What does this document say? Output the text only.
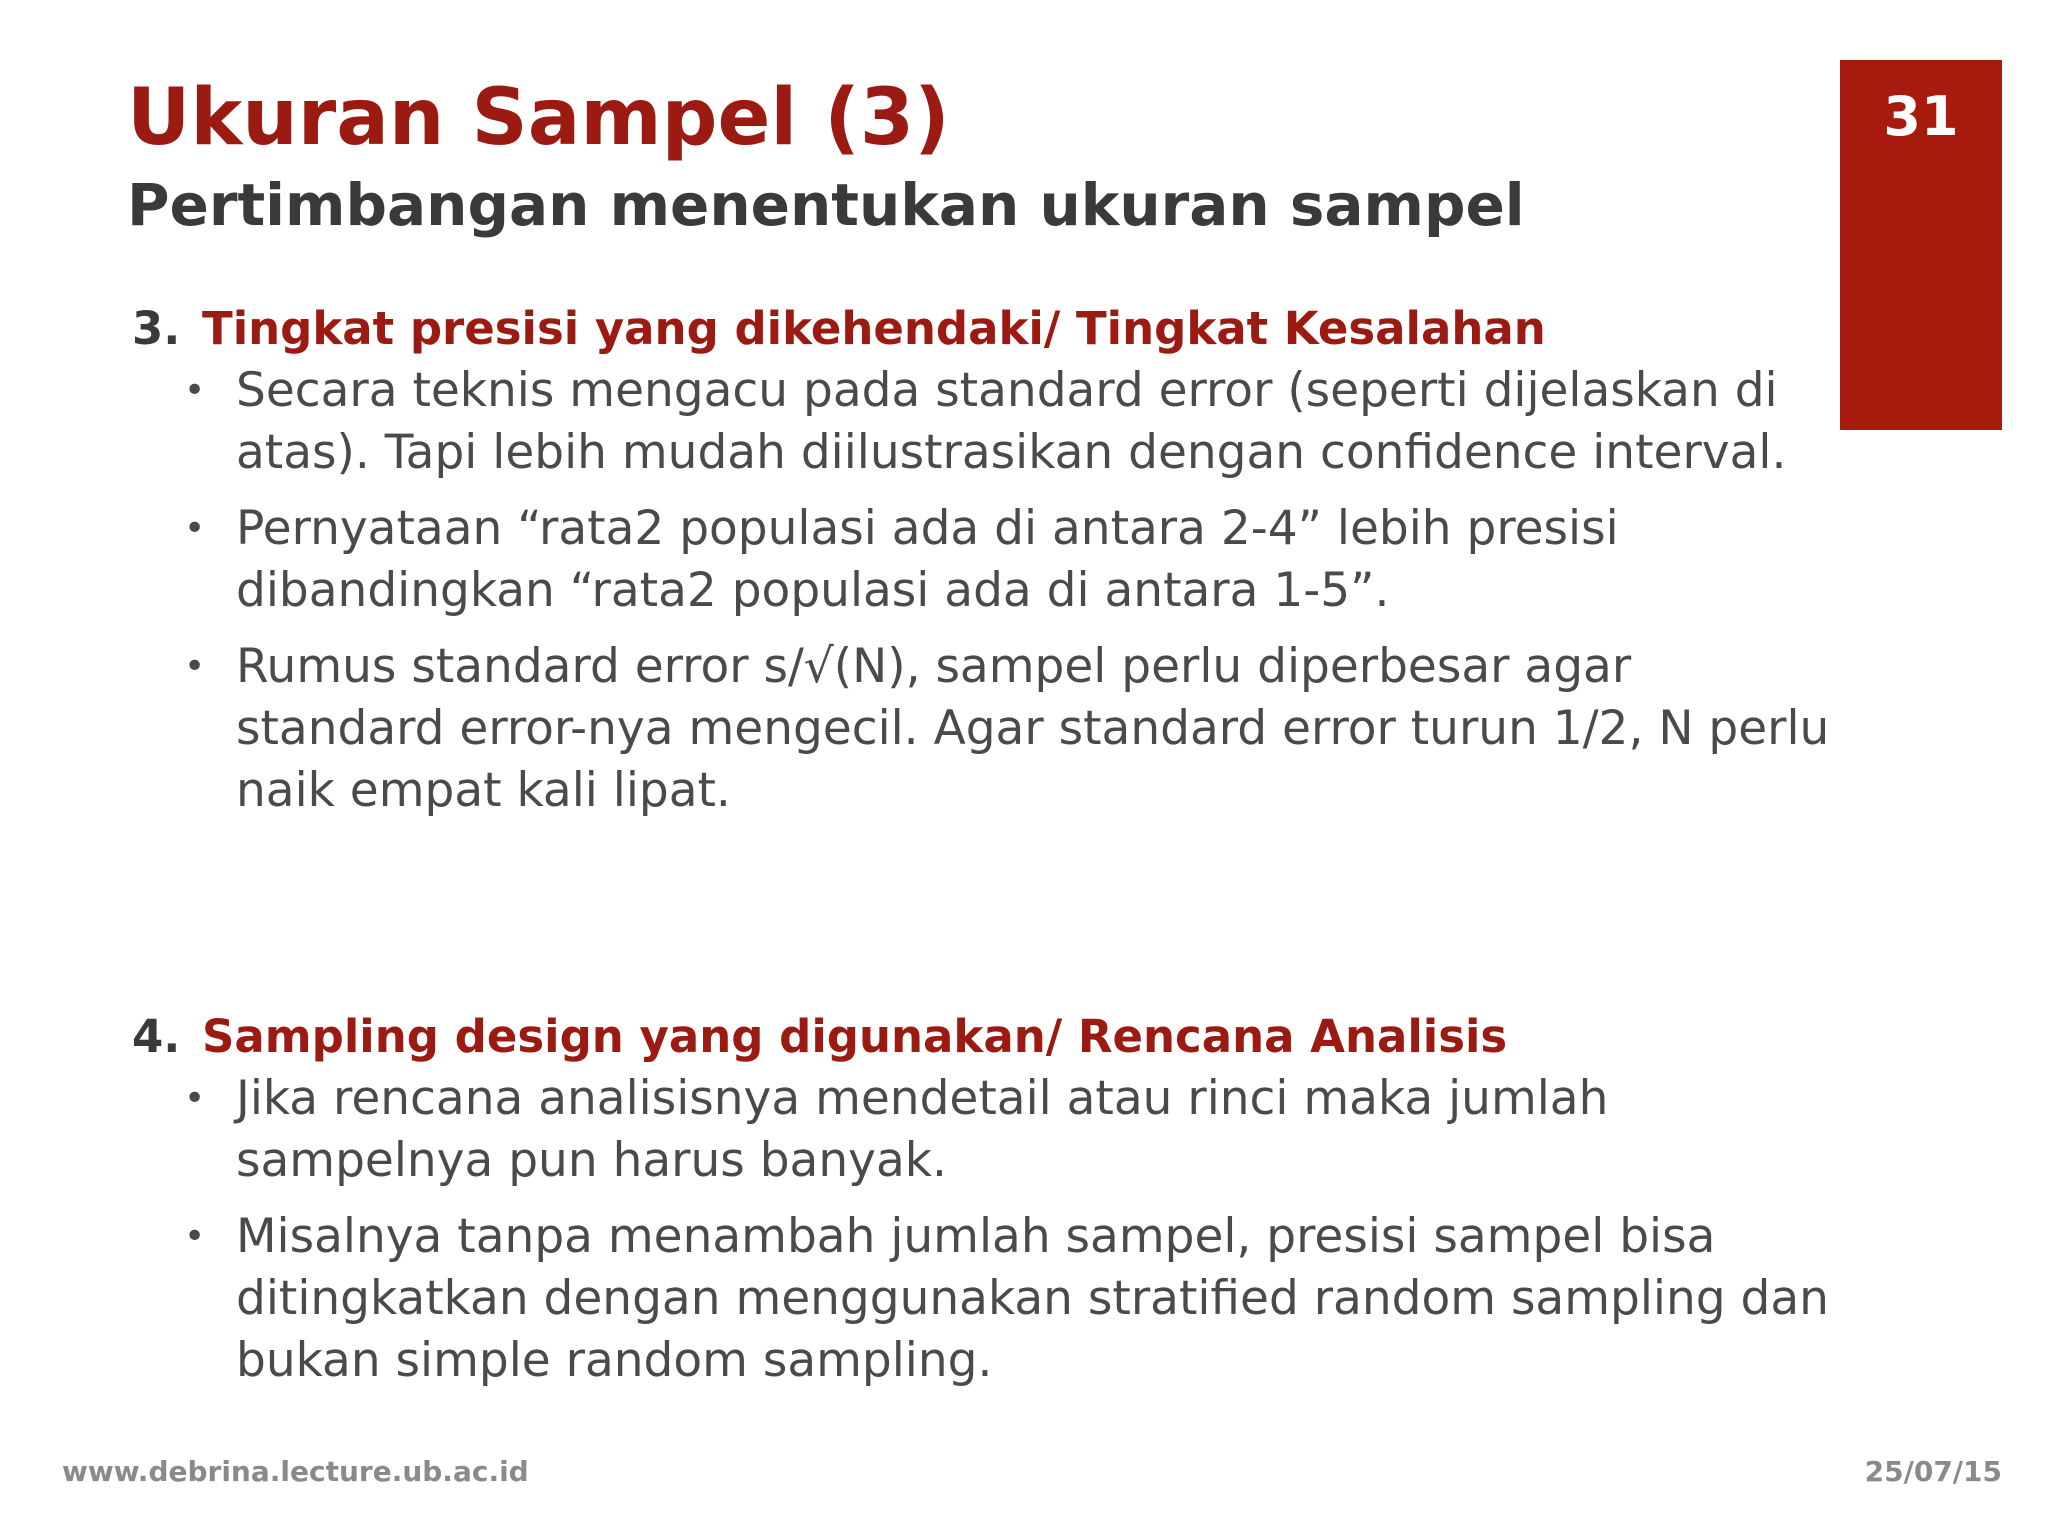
31
Ukuran Sampel (3)
Pertimbangan menentukan ukuran sampel
3. Tingkat presisi yang dikehendaki/ Tingkat Kesalahan
• Secara teknis mengacu pada standard error (seperti dijelaskan di atas). Tapi lebih mudah diilustrasikan dengan confidence interval.
• Pernyataan “rata2 populasi ada di antara 2-4” lebih presisi dibandingkan “rata2 populasi ada di antara 1-5”.
• Rumus standard error s/√(N), sampel perlu diperbesar agar standard error-nya mengecil. Agar standard error turun 1/2, N perlu naik empat kali lipat.
4. Sampling design yang digunakan/ Rencana Analisis
• Jika rencana analisisnya mendetail atau rinci maka jumlah sampelnya pun harus banyak.
• Misalnya tanpa menambah jumlah sampel, presisi sampel bisa ditingkatkan dengan menggunakan stratified random sampling dan bukan simple random sampling.
www.debrina.lecture.ub.ac.id	25/07/15
